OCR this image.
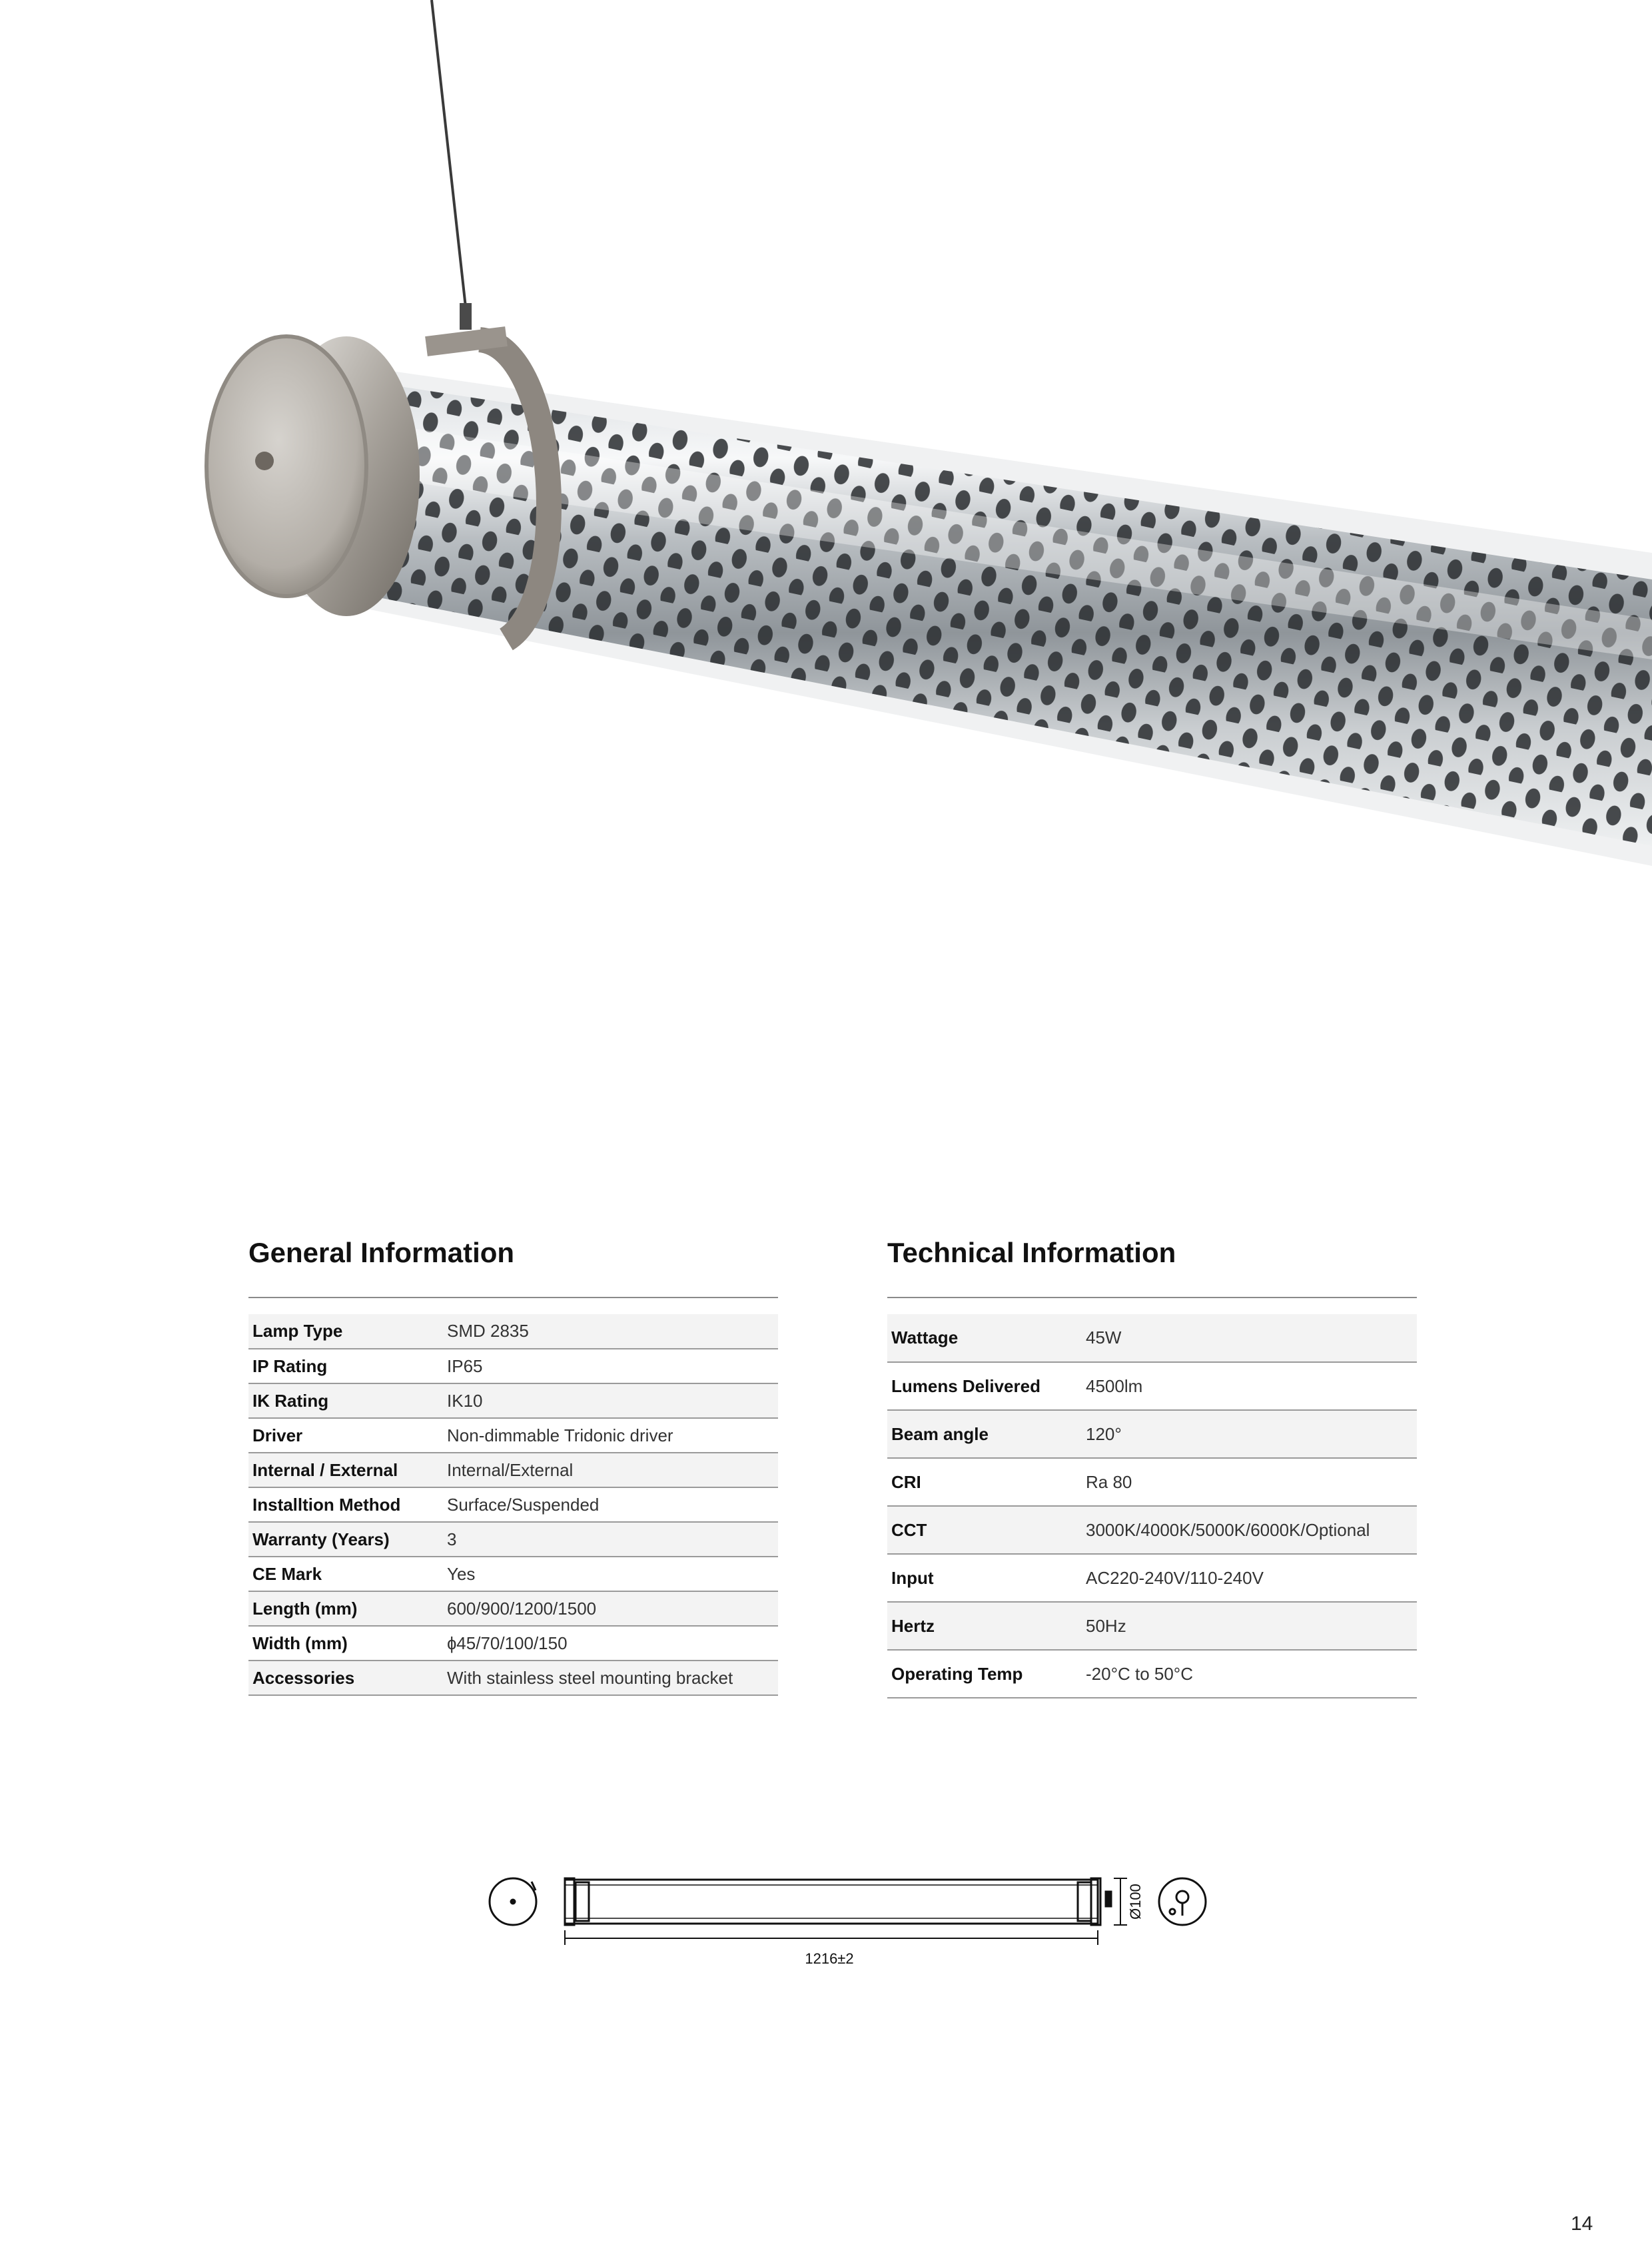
General Information
Lamp Type	SMD 2835
IP Rating	IP65
IK Rating	IK10
Driver	Non-dimmable Tridonic driver
Internal / External	Internal/External
Installtion Method	Surface/Suspended
Warranty (Years)	3
CE Mark	Yes
Length (mm)	600/900/1200/1500
Width (mm)	ɸ45/70/100/150
Accessories	With stainless steel mounting bracket
Technical Information
Wattage	45W
Lumens Delivered	4500lm
Beam angle	120°
CRI	Ra 80
CCT	3000K/4000K/5000K/6000K/Optional
Input	AC220-240V/110-240V
Hertz	50Hz
Operating Temp	-20°C to 50°C
1216±2
Ø100
14
